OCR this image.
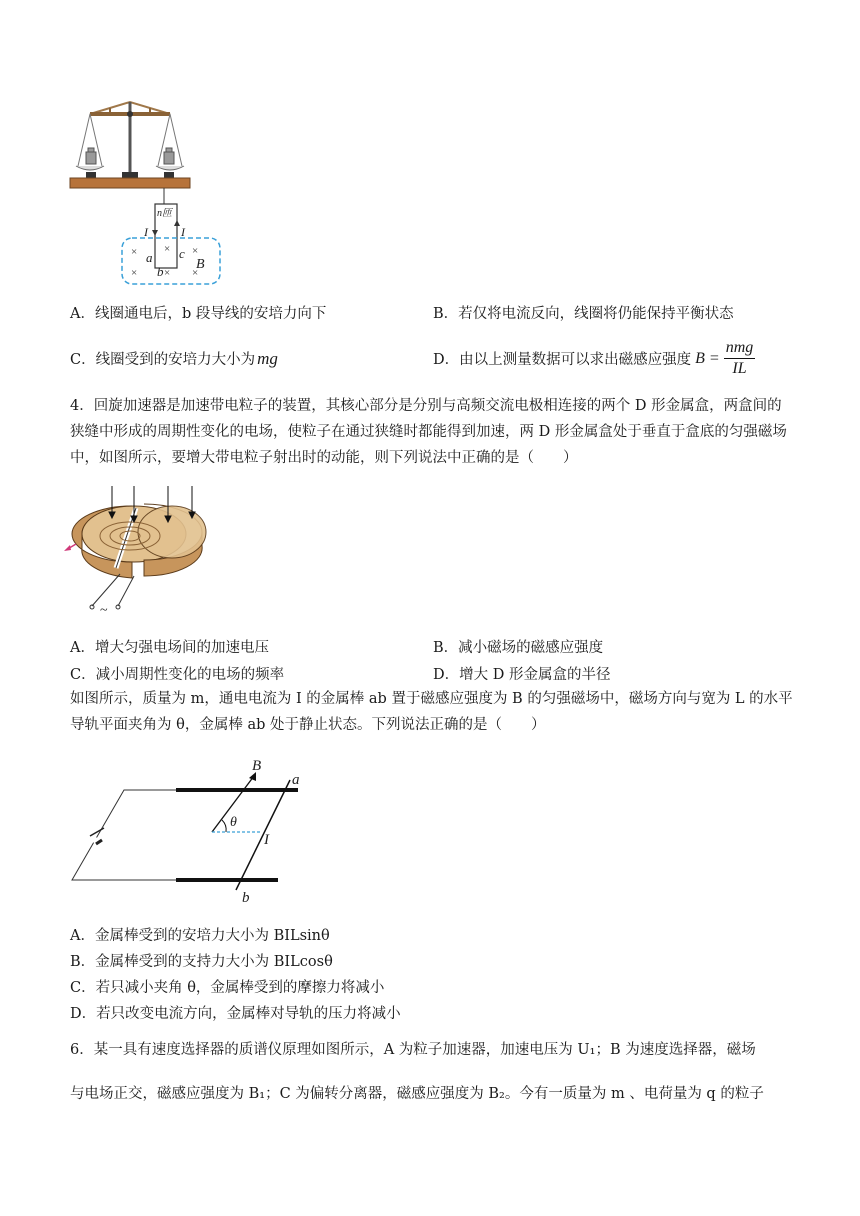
× × ×
× × ×
n匝
I	I
a c
b B
A．线圈通电后，b 段导线的安培力向下	B．若仅将电流反向，线圈将仍能保持平衡状态
C．线圈受到的安培力大小为 mg	D．由以上测量数据可以求出磁感应强度 $B = \frac{\text{nmg}}{IL}$
4．回旋加速器是加速带电粒子的装置，其核心部分是分别与高频交流电极相连接的两个 D 形金属盒，两盒间的狭缝中形成的周期性变化的电场，使粒子在通过狭缝时都能得到加速，两 D 形金属盒处于垂直于盒底的匀强磁场中，如图所示，要增大带电粒子射出时的动能，则下列说法中正确的是（　　）
~
A．增大匀强电场间的加速电压	B．减小磁场的磁感应强度
C．减小周期性变化的电场的频率	D．增大 D 形金属盒的半径
如图所示，质量为 m，通电电流为 I 的金属棒 ab 置于磁感应强度为 B 的匀强磁场中，磁场方向与宽为 L 的水平导轨平面夹角为 θ，金属棒 ab 处于静止状态。下列说法正确的是（　　）
θ
B
a
b
I
A．金属棒受到的安培力大小为 BILsinθ
B．金属棒受到的支持力大小为 BILcosθ
C．若只减小夹角 θ，金属棒受到的摩擦力将减小
D．若只改变电流方向，金属棒对导轨的压力将减小
6．某一具有速度选择器的质谱仪原理如图所示，A 为粒子加速器，加速电压为 U₁；B 为速度选择器，磁场
与电场正交，磁感应强度为 B₁；C 为偏转分离器，磁感应强度为 B₂。今有一质量为 m 、电荷量为 q 的粒子
